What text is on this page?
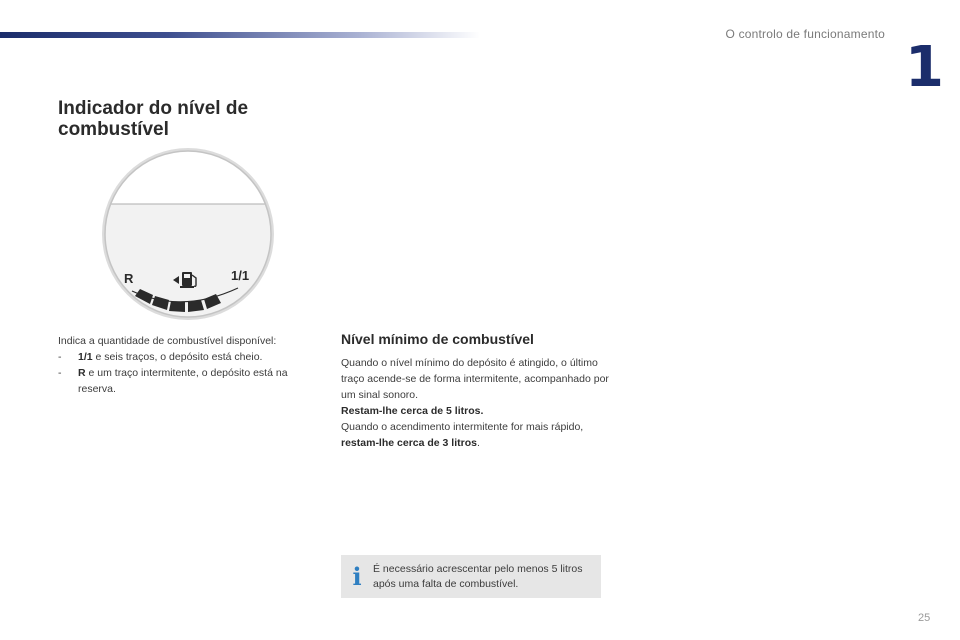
O controlo de funcionamento
1
Indicador do nível de
combustível
R	1/1

Indica a quantidade de combustível disponível:

-	1/1 e seis traços, o depósito está cheio.
-	R e um traço intermitente, o depósito está na reserva.
Nível mínimo de combustível

Quando o nível mínimo do depósito é atingido, o último traço acende-se de forma intermitente, acompanhado por um sinal sonoro.

Restam-lhe cerca de 5 litros.

Quando o acendimento intermitente for mais rápido, restam-lhe cerca de 3 litros.

i	É necessário acrescentar pelo menos 5 litros após uma falta de combustível.
25
